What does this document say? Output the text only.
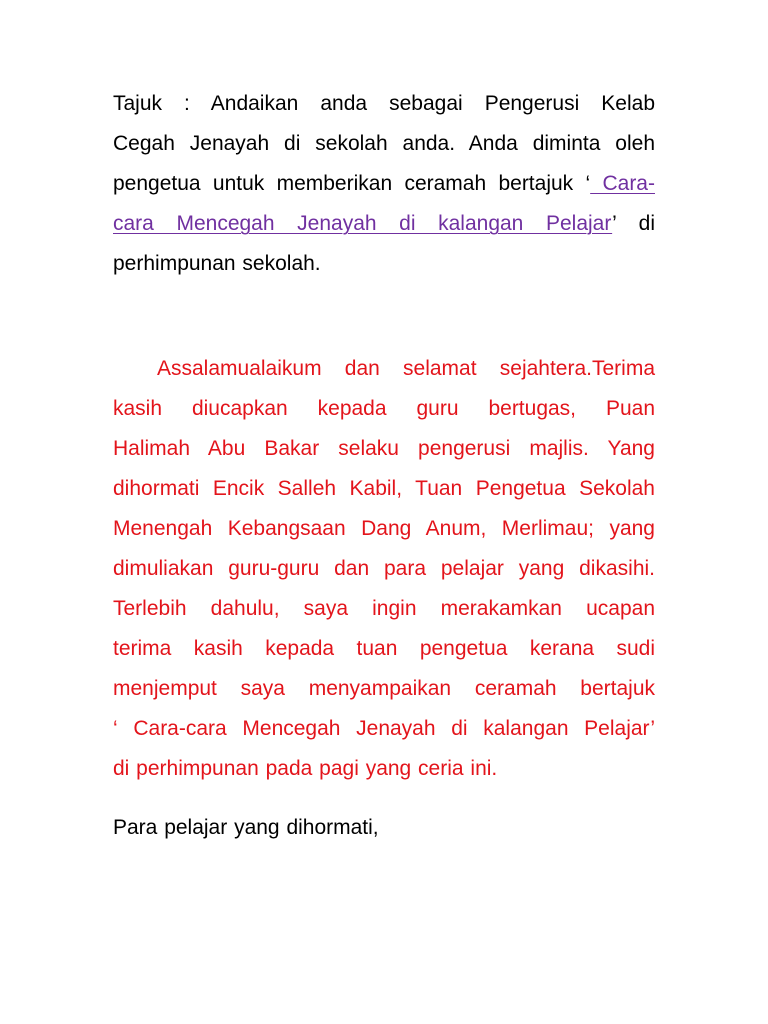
Tajuk : Andaikan anda sebagai Pengerusi Kelab
Cegah Jenayah di sekolah anda. Anda diminta oleh
pengetua untuk memberikan ceramah bertajuk ‘ Cara-
cara Mencegah Jenayah di kalangan Pelajar’ di
perhimpunan sekolah.
Assalamualaikum dan selamat sejahtera.Terima
kasih diucapkan kepada guru bertugas, Puan
Halimah Abu Bakar selaku pengerusi majlis. Yang
dihormati Encik Salleh Kabil, Tuan Pengetua Sekolah
Menengah Kebangsaan Dang Anum, Merlimau; yang
dimuliakan guru-guru dan para pelajar yang dikasihi.
Terlebih dahulu, saya ingin merakamkan ucapan
terima kasih kepada tuan pengetua kerana sudi
menjemput saya menyampaikan ceramah bertajuk
‘ Cara-cara Mencegah Jenayah di kalangan Pelajar’
di perhimpunan pada pagi yang ceria ini.
Para pelajar yang dihormati,
